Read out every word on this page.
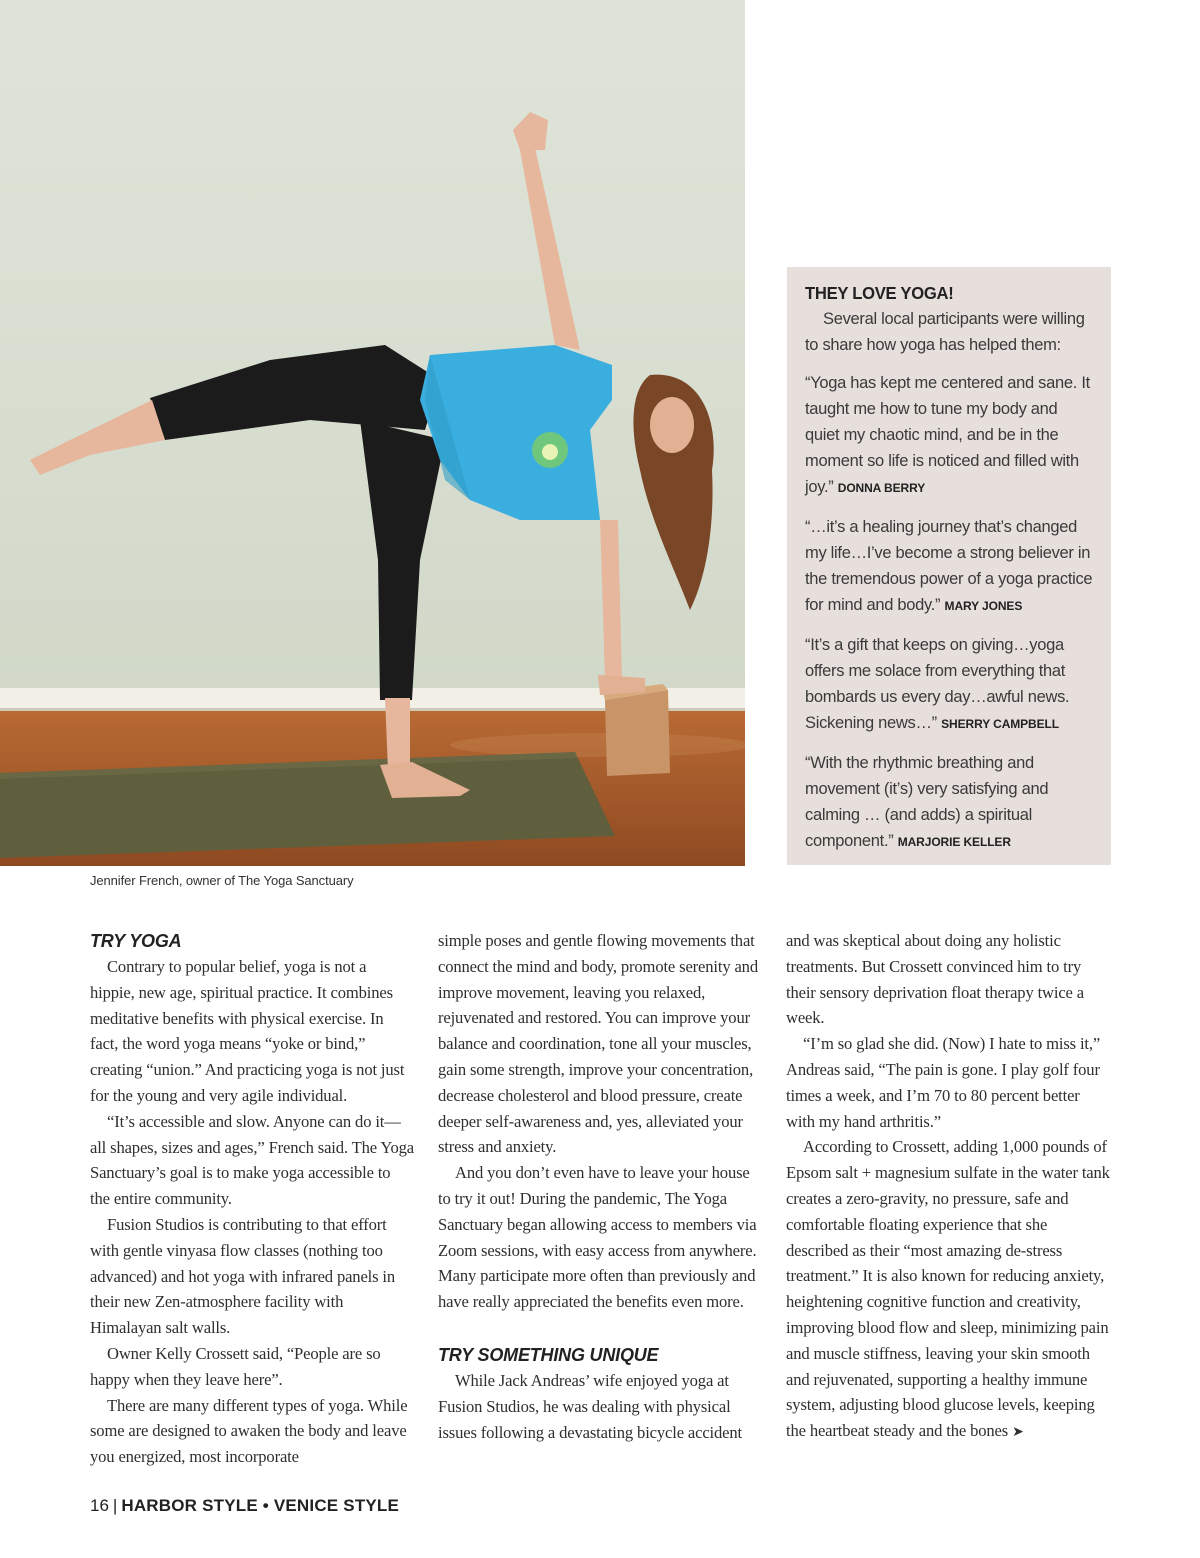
Jennifer French, owner of The Yoga Sanctuary
THEY LOVE YOGA!

Several local participants were willing to share how yoga has helped them:

“Yoga has kept me centered and sane. It taught me how to tune my body and quiet my chaotic mind, and be in the moment so life is noticed and filled with joy.” DONNA BERRY

“…it’s a healing journey that’s changed my life…I’ve become a strong believer in the tremendous power of a yoga practice for mind and body.” MARY JONES

“It’s a gift that keeps on giving…yoga offers me solace from everything that bombards us every day…awful news. Sickening news…” SHERRY CAMPBELL

“With the rhythmic breathing and movement (it’s) very satisfying and calming … (and adds) a spiritual component.” MARJORIE KELLER

TRY YOGA

Contrary to popular belief, yoga is not a hippie, new age, spiritual practice. It combines meditative benefits with physical exercise. In fact, the word yoga means “yoke or bind,” creating “union.” And practicing yoga is not just for the young and very agile individual.

“It’s accessible and slow. Anyone can do it—all shapes, sizes and ages,” French said. The Yoga Sanctuary’s goal is to make yoga accessible to the entire community.

Fusion Studios is contributing to that effort with gentle vinyasa flow classes (nothing too advanced) and hot yoga with infrared panels in their new Zen-atmosphere facility with Himalayan salt walls.

Owner Kelly Crossett said, “People are so happy when they leave here”.

There are many different types of yoga. While some are designed to awaken the body and leave you energized, most incorporate

simple poses and gentle flowing movements that connect the mind and body, promote serenity and improve movement, leaving you relaxed, rejuvenated and restored. You can improve your balance and coordination, tone all your muscles, gain some strength, improve your concentration, decrease cholesterol and blood pressure, create deeper self-awareness and, yes, alleviated your stress and anxiety.

And you don’t even have to leave your house to try it out! During the pandemic, The Yoga Sanctuary began allowing access to members via Zoom sessions, with easy access from anywhere. Many participate more often than previously and have really appreciated the benefits even more.

TRY SOMETHING UNIQUE

While Jack Andreas’ wife enjoyed yoga at Fusion Studios, he was dealing with physical issues following a devastating bicycle accident

and was skeptical about doing any holistic treatments. But Crossett convinced him to try their sensory deprivation float therapy twice a week.

“I’m so glad she did. (Now) I hate to miss it,” Andreas said, “The pain is gone. I play golf four times a week, and I’m 70 to 80 percent better with my hand arthritis.”

According to Crossett, adding 1,000 pounds of Epsom salt + magnesium sulfate in the water tank creates a zero-gravity, no pressure, safe and comfortable floating experience that she described as their “most amazing de-stress treatment.” It is also known for reducing anxiety, heightening cognitive function and creativity, improving blood flow and sleep, minimizing pain and muscle stiffness, leaving your skin smooth and rejuvenated, supporting a healthy immune system, adjusting blood glucose levels, keeping the heartbeat steady and the bones ➤

16 | HARBOR STYLE • VENICE STYLE
